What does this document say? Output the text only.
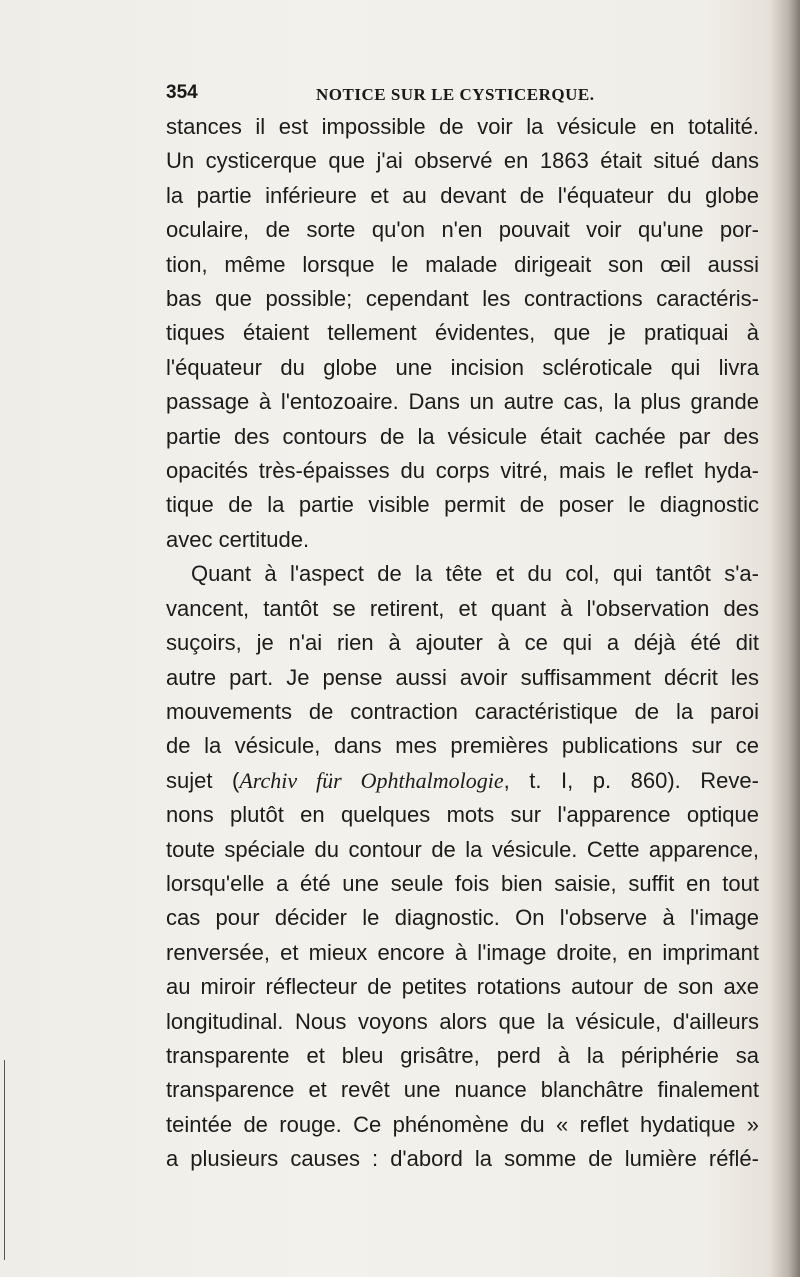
354	NOTICE SUR LE CYSTICERQUE.

stances il est impossible de voir la vésicule en totalité.
Un cysticerque que j'ai observé en 1863 était situé dans
la partie inférieure et au devant de l'équateur du globe
oculaire, de sorte qu'on n'en pouvait voir qu'une por-
tion, même lorsque le malade dirigeait son œil aussi
bas que possible; cependant les contractions caractéris-
tiques étaient tellement évidentes, que je pratiquai à
l'équateur du globe une incision scléroticale qui livra
passage à l'entozoaire. Dans un autre cas, la plus grande
partie des contours de la vésicule était cachée par des
opacités très-épaisses du corps vitré, mais le reflet hyda-
tique de la partie visible permit de poser le diagnostic
avec certitude.

Quant à l'aspect de la tête et du col, qui tantôt s'a-
vancent, tantôt se retirent, et quant à l'observation des
suçoirs, je n'ai rien à ajouter à ce qui a déjà été dit
autre part. Je pense aussi avoir suffisamment décrit les
mouvements de contraction caractéristique de la paroi
de la vésicule, dans mes premières publications sur ce
sujet (Archiv für Ophthalmologie, t. I, p. 860). Reve-
nons plutôt en quelques mots sur l'apparence optique
toute spéciale du contour de la vésicule. Cette apparence,
lorsqu'elle a été une seule fois bien saisie, suffit en tout
cas pour décider le diagnostic. On l'observe à l'image
renversée, et mieux encore à l'image droite, en imprimant
au miroir réflecteur de petites rotations autour de son axe
longitudinal. Nous voyons alors que la vésicule, d'ailleurs
transparente et bleu grisâtre, perd à la périphérie sa
transparence et revêt une nuance blanchâtre finalement
teintée de rouge. Ce phénomène du « reflet hydatique »
a plusieurs causes : d'abord la somme de lumière réflé-
